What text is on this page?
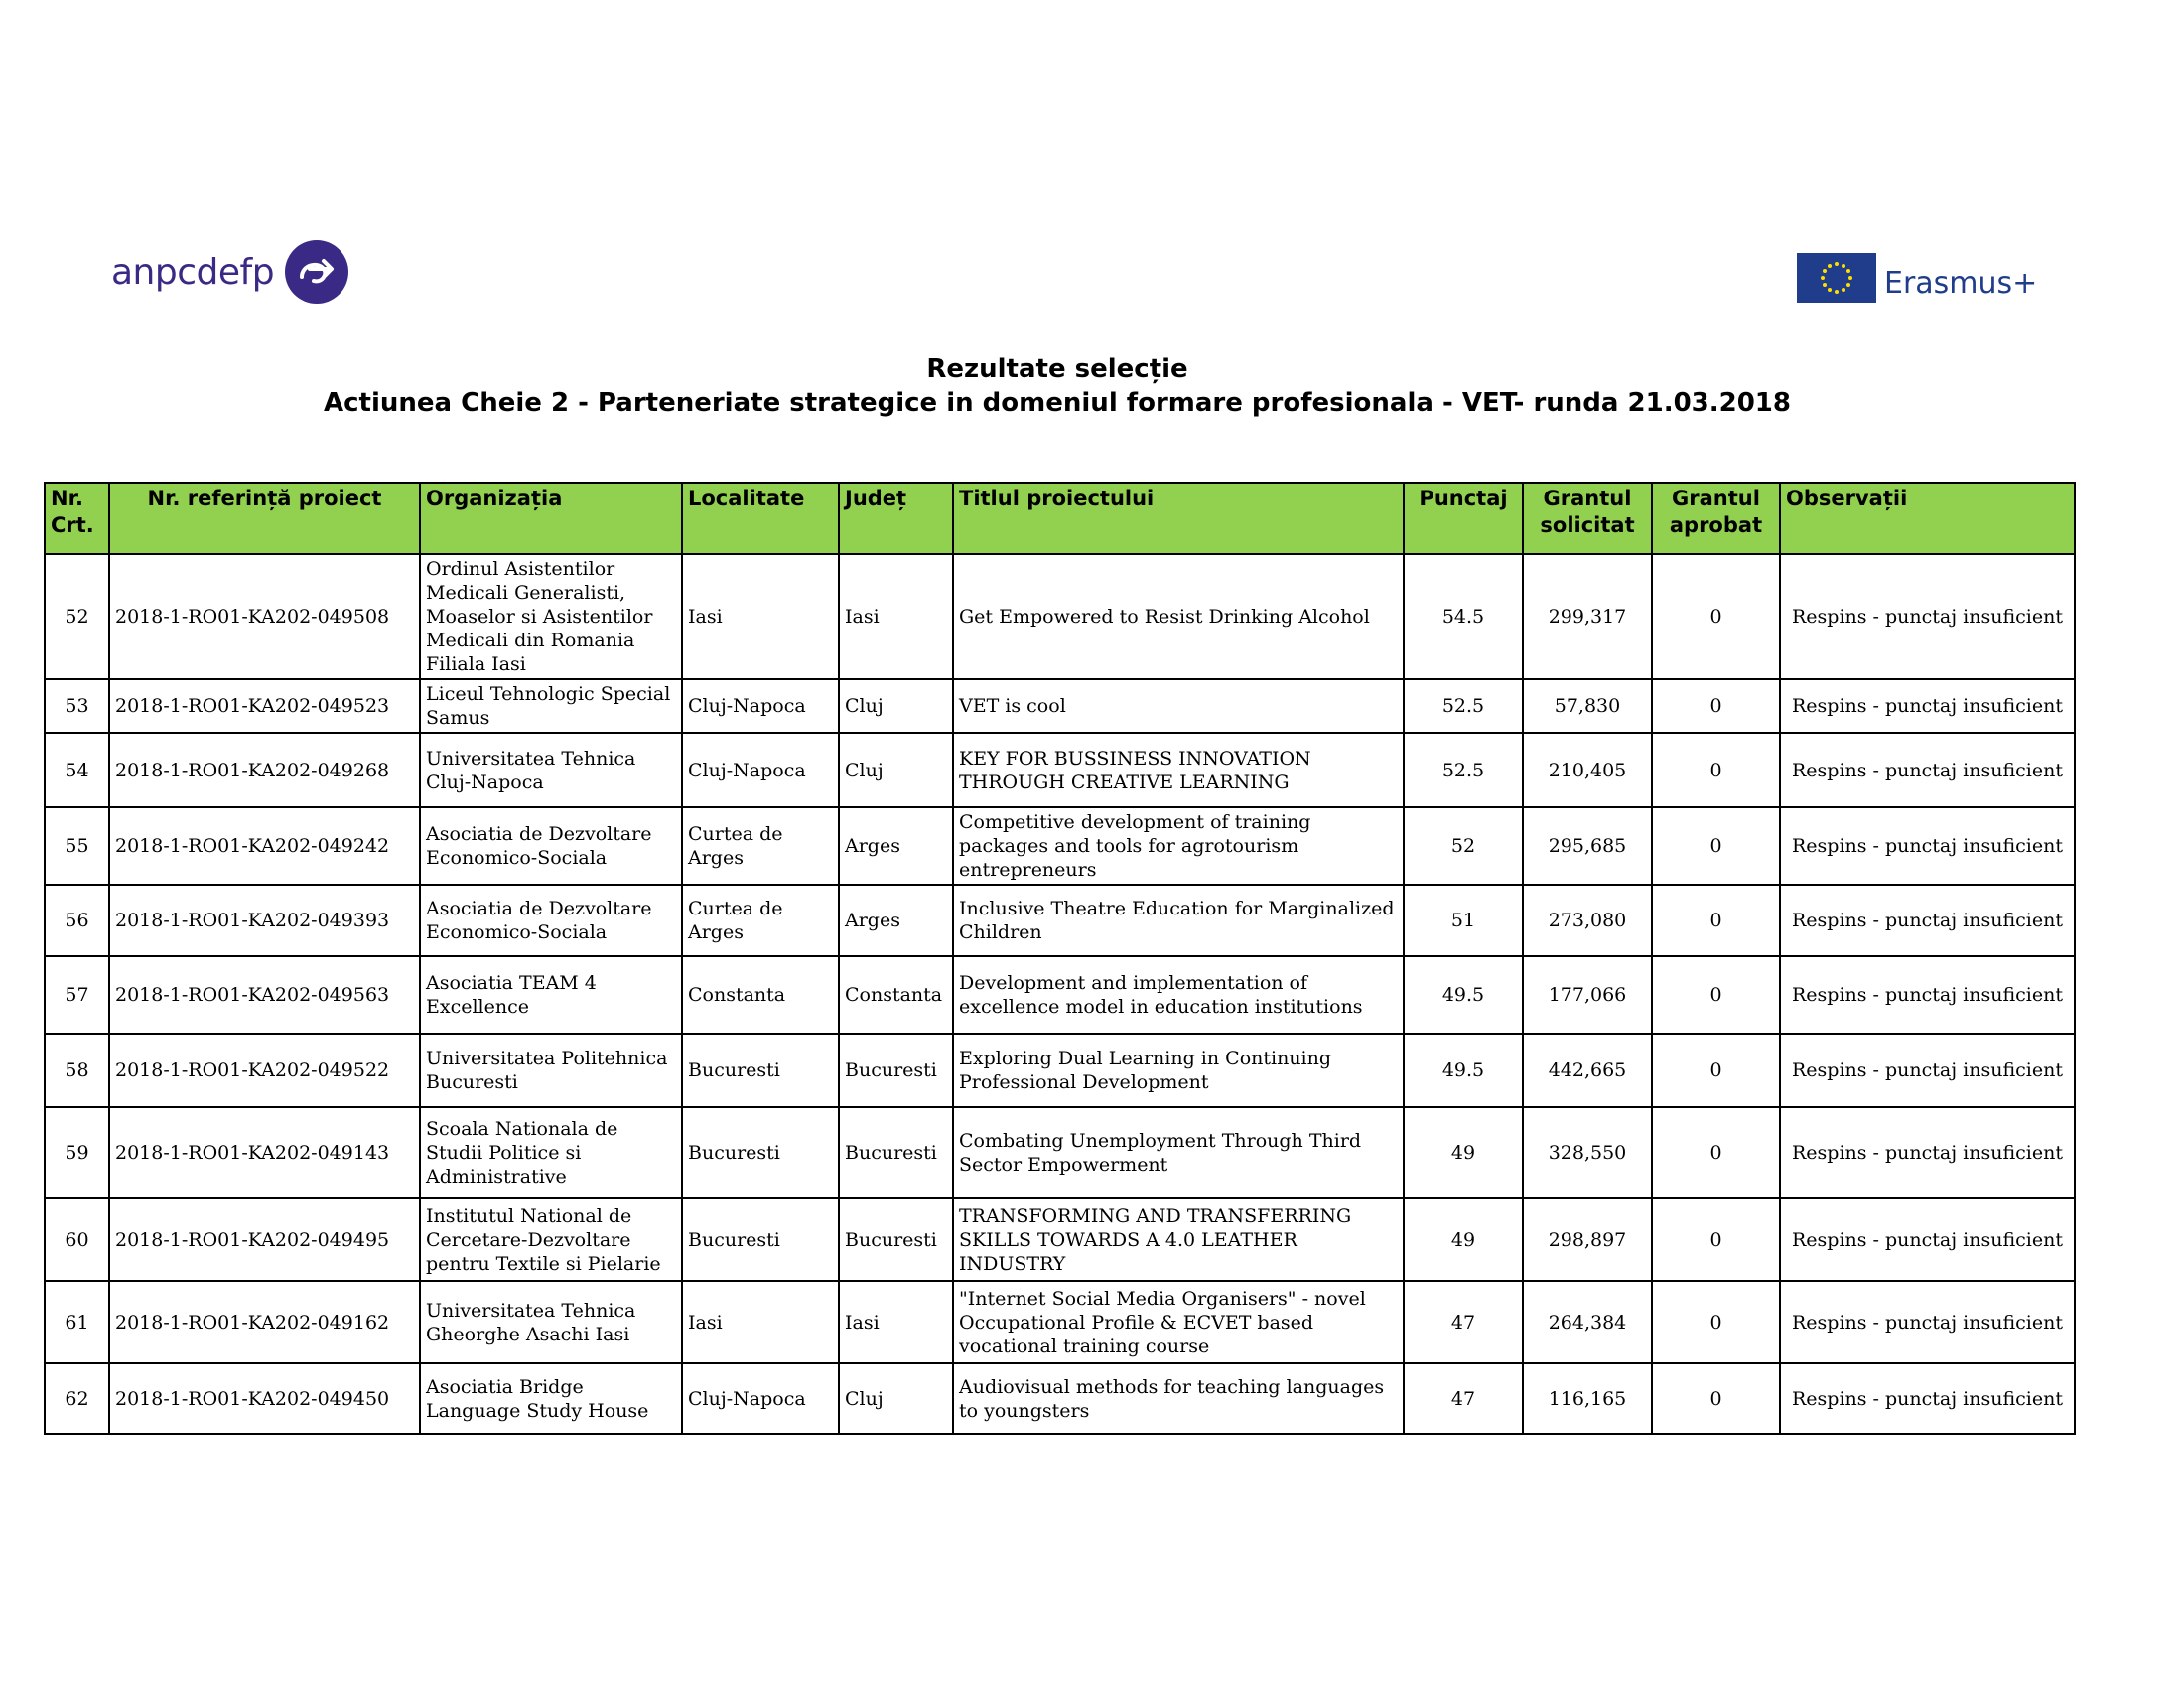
anpcdefp	Erasmus+
Rezultate selecție
Actiunea Cheie 2 - Parteneriate strategice in domeniul formare profesionala - VET- runda 21.03.2018
Nr. Crt.	Nr. referință proiect	Organizația	Localitate	Județ	Titlul proiectului	Punctaj	Grantul solicitat	Grantul aprobat	Observații
52	2018-1-RO01-KA202-049508	Ordinul Asistentilor Medicali Generalisti, Moaselor si Asistentilor Medicali din Romania Filiala Iasi	Iasi	Iasi	Get Empowered to Resist Drinking Alcohol	54.5	299,317	0	Respins - punctaj insuficient
53	2018-1-RO01-KA202-049523	Liceul Tehnologic Special Samus	Cluj-Napoca	Cluj	VET is cool	52.5	57,830	0	Respins - punctaj insuficient
54	2018-1-RO01-KA202-049268	Universitatea Tehnica Cluj-Napoca	Cluj-Napoca	Cluj	KEY FOR BUSSINESS INNOVATION THROUGH CREATIVE LEARNING	52.5	210,405	0	Respins - punctaj insuficient
55	2018-1-RO01-KA202-049242	Asociatia de Dezvoltare Economico-Sociala	Curtea de Arges	Arges	Competitive development of training packages and tools for agrotourism entrepreneurs	52	295,685	0	Respins - punctaj insuficient
56	2018-1-RO01-KA202-049393	Asociatia de Dezvoltare Economico-Sociala	Curtea de Arges	Arges	Inclusive Theatre Education for Marginalized Children	51	273,080	0	Respins - punctaj insuficient
57	2018-1-RO01-KA202-049563	Asociatia TEAM 4 Excellence	Constanta	Constanta	Development and implementation of excellence model in education institutions	49.5	177,066	0	Respins - punctaj insuficient
58	2018-1-RO01-KA202-049522	Universitatea Politehnica Bucuresti	Bucuresti	Bucuresti	Exploring Dual Learning in Continuing Professional Development	49.5	442,665	0	Respins - punctaj insuficient
59	2018-1-RO01-KA202-049143	Scoala Nationala de Studii Politice si Administrative	Bucuresti	Bucuresti	Combating Unemployment Through Third Sector Empowerment	49	328,550	0	Respins - punctaj insuficient
60	2018-1-RO01-KA202-049495	Institutul National de Cercetare-Dezvoltare pentru Textile si Pielarie	Bucuresti	Bucuresti	TRANSFORMING AND TRANSFERRING SKILLS TOWARDS A 4.0 LEATHER INDUSTRY	49	298,897	0	Respins - punctaj insuficient
61	2018-1-RO01-KA202-049162	Universitatea Tehnica Gheorghe Asachi Iasi	Iasi	Iasi	"Internet Social Media Organisers" - novel Occupational Profile & ECVET based vocational training course	47	264,384	0	Respins - punctaj insuficient
62	2018-1-RO01-KA202-049450	Asociatia Bridge Language Study House	Cluj-Napoca	Cluj	Audiovisual methods for teaching languages to youngsters	47	116,165	0	Respins - punctaj insuficient
